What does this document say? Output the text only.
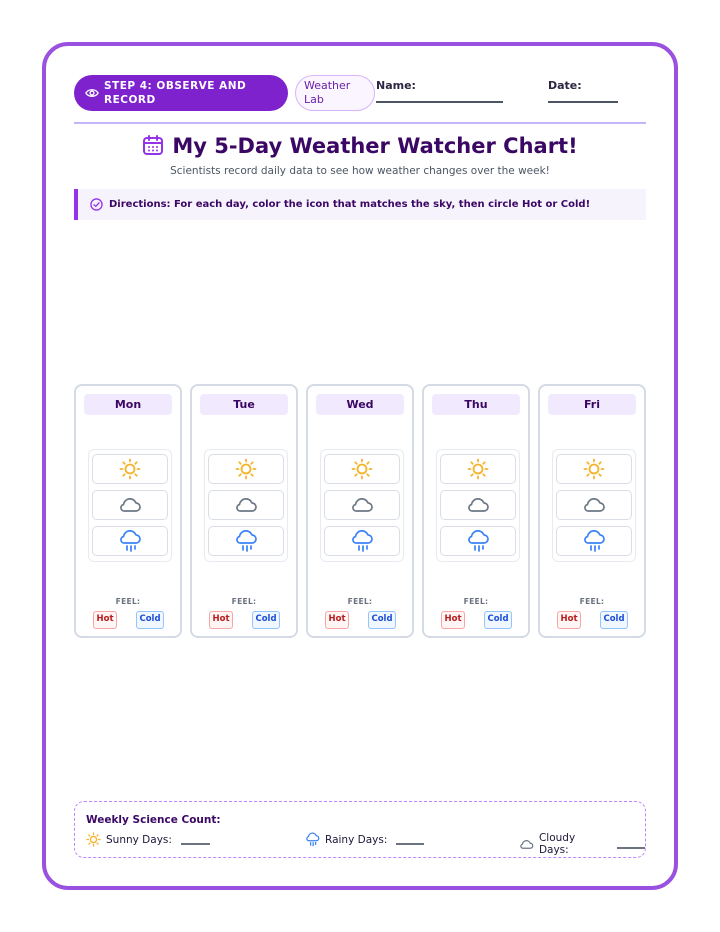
STEP 4: OBSERVE AND
RECORD
Weather
Lab
Name:	Date:
My 5-Day Weather Watcher Chart!
Scientists record daily data to see how weather changes over the week!
Directions: For each day, color the icon that matches the sky, then circle Hot or Cold!
Mon
FEEL:
Hot	Cold
Tue
FEEL:
Hot	Cold
Wed
FEEL:
Hot	Cold
Thu
FEEL:
Hot	Cold
Fri
FEEL:
Hot	Cold
Weekly Science Count:
Sunny Days:	Rainy Days:	Cloudy Days:
